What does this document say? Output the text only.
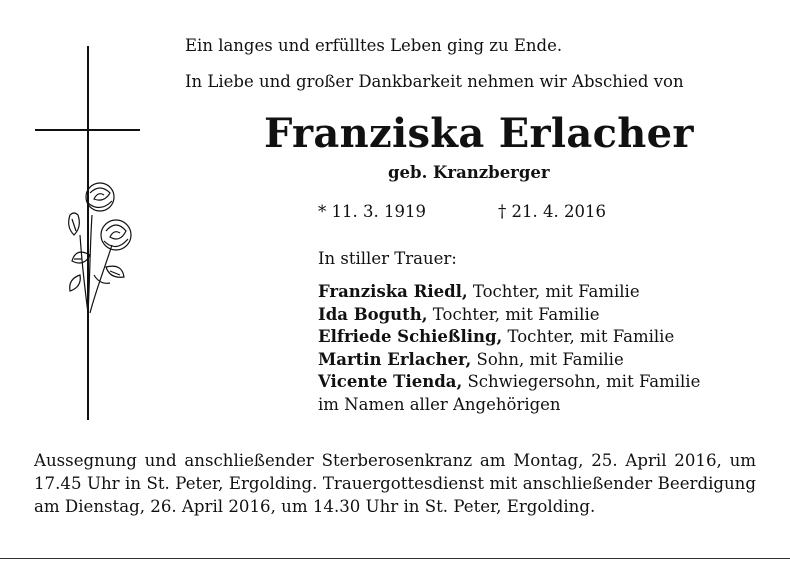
Ein langes und erfülltes Leben ging zu Ende.
In Liebe und großer Dankbarkeit nehmen wir Abschied von
Franziska Erlacher
geb. Kranzberger
* 11. 3. 1919	† 21. 4. 2016
In stiller Trauer:
Franziska Riedl, Tochter, mit Familie
Ida Boguth, Tochter, mit Familie
Elfriede Schießling, Tochter, mit Familie
Martin Erlacher, Sohn, mit Familie
Vicente Tienda, Schwiegersohn, mit Familie
im Namen aller Angehörigen
Aussegnung und anschließender Sterberosenkranz am Montag, 25. April 2016, um 17.45 Uhr in St. Peter, Ergolding. Trauergottesdienst mit anschließender Beerdigung am Dienstag, 26. April 2016, um 14.30 Uhr in St. Peter, Ergolding.
